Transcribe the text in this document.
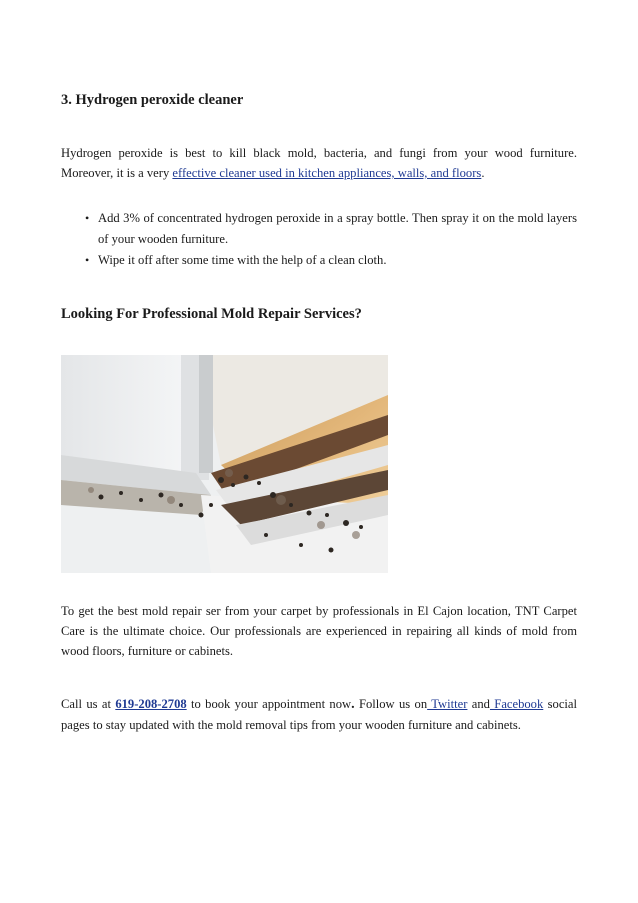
3. Hydrogen peroxide cleaner

Hydrogen peroxide is best to kill black mold, bacteria, and fungi from your wood furniture. Moreover, it is a very effective cleaner used in kitchen appliances, walls, and floors.

• Add 3% of concentrated hydrogen peroxide in a spray bottle. Then spray it on the mold layers of your wooden furniture.
• Wipe it off after some time with the help of a clean cloth.
Looking For Professional Mold Repair Services?

To get the best mold repair ser from your carpet by professionals in El Cajon location, TNT Carpet Care is the ultimate choice. Our professionals are experienced in repairing all kinds of mold from wood floors, furniture or cabinets.

Call us at 619-208-2708 to book your appointment now. Follow us on Twitter and Facebook social pages to stay updated with the mold removal tips from your wooden furniture and cabinets.
